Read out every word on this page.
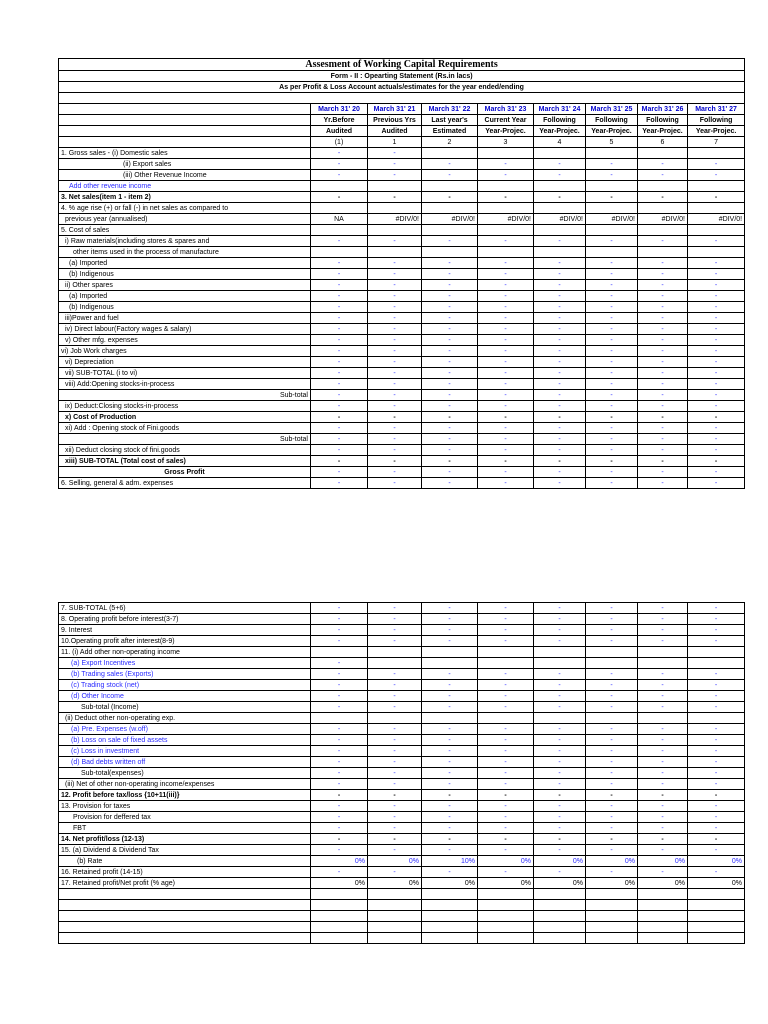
Assesment of Working Capital Requirements								
Form - II : Opearting Statement (Rs.in lacs)								
As per Profit & Loss Account actuals/estimates for the year ended/ending								

	March 31' 20	March 31' 21	March 31' 22	March 31' 23	March 31' 24	March 31' 25	March 31' 26	March 31' 27
	Yr.Before	Previous Yrs	Last year's	Current Year	Following	Following	Following	Following
	Audited	Audited	Estimated	Year-Projec.	Year-Projec.	Year-Projec.	Year-Projec.	Year-Projec.
	(1)	1	2	3	4	5	6	7
1. Gross sales - (i) Domestic sales	-	-						
(ii) Export sales	-	-	-	-	-	-	-	-
(iii) Other Revenue Income	-	-	-	-	-	-	-	-
Add other revenue income								
3. Net sales(item 1 - item 2)	-	-	-	-	-	-	-	-
4. % age rise (+) or fall (-) in net sales as compared to								
previous year (annualised)	NA	#DIV/0!	#DIV/0!	#DIV/0!	#DIV/0!	#DIV/0!	#DIV/0!	#DIV/0!
5. Cost of sales								
i) Raw materials(including stores & spares and	-	-	-	-	-	-	-	-
other items used in the process of manufacture								
(a) Imported	-	-	-	-	-	-	-	-
(b) Indigenous	-	-	-	-	-	-	-	-
ii) Other spares	-	-	-	-	-	-	-	-
(a) Imported	-	-	-	-	-	-	-	-
(b) Indigenous	-	-	-	-	-	-	-	-
iii)Power and fuel	-	-	-	-	-	-	-	-
iv) Direct labour(Factory wages & salary)	-	-	-	-	-	-	-	-
v) Other mfg. expenses	-	-	-	-	-	-	-	-
vi) Job Work charges	-	-	-	-	-	-	-	-
vi) Depreciation	-	-	-	-	-	-	-	-
vii) SUB-TOTAL (i to vi)	-	-	-	-	-	-	-	-
viii) Add:Opening stocks-in-process	-	-	-	-	-	-	-	-
Sub-total	-	-	-	-	-	-	-	-
ix) Deduct:Closing stocks-in-process	-	-	-	-	-	-	-	-
x) Cost of Production	-	-	-	-	-	-	-	-
xi) Add : Opening stock of Fini.goods	-	-	-	-	-	-	-	-
Sub-total	-	-	-	-	-	-	-	-
xii) Deduct closing stock of fini.goods	-	-	-	-	-	-	-	-
xiii) SUB-TOTAL (Total cost of sales)	-	-	-	-	-	-	-	-
Gross Profit	-	-	-	-	-	-	-	-
6. Selling, general & adm. expenses	-	-	-	-	-	-	-	-
7. SUB-TOTAL (5+6)	-	-	-	-	-	-	-	-
8. Operating profit before interest(3-7)	-	-	-	-	-	-	-	-
9. Interest	-	-	-	-	-	-	-	-
10.Operating profit after interest(8-9)	-	-	-	-	-	-	-	-
11. (i) Add other non-operating income								
(a) Export Incentives	-							
(b) Trading sales (Exports)	-	-	-	-	-	-	-	-
(c) Trading stock (net)	-	-	-	-	-	-	-	-
(d) Other Income	-	-	-	-	-	-	-	-
Sub-total (Income)	-	-	-	-	-	-	-	-
(ii) Deduct other non-operating exp.								
(a) Pre. Expenses (w.off)	-	-	-	-	-	-	-	-
(b) Loss on sale of fixed assets	-	-	-	-	-	-	-	-
(c) Loss in investment	-	-	-	-	-	-	-	-
(d) Bad debts written off	-	-	-	-	-	-	-	-
Sub-total(expenses)	-	-	-	-	-	-	-	-
(iii) Net of other non-operating income/expenses	-	-	-	-	-	-	-	-
12. Profit before tax/loss {10+11(iii)}	-	-	-	-	-	-	-	-
13. Provision for taxes	-	-	-	-	-	-	-	-
Provision for deffered tax	-	-	-	-	-	-	-	-
FBT	-	-	-	-	-	-	-	-
14. Net profit/loss (12-13)	-	-	-	-	-	-	-	-
15. (a) Dividend & Dividend Tax	-	-	-	-	-	-	-	-
(b) Rate	0%	0%	10%	0%	0%	0%	0%	0%
16. Retained profit (14-15)	-	-	-	-	-	-	-	-
17. Retained profit/Net profit (% age)	0%	0%	0%	0%	0%	0%	0%	0%
